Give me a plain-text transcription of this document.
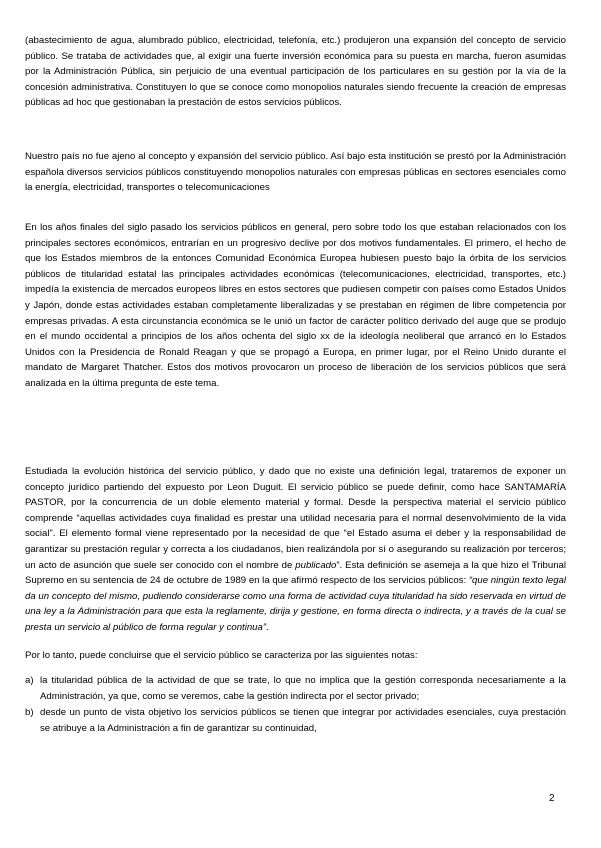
(abastecimiento de agua, alumbrado público, electricidad, telefonía, etc.) produjeron una expansión del concepto de servicio público. Se trataba de actividades que, al exigir una fuerte inversión económica para su puesta en marcha, fueron asumidas por la Administración Pública, sin perjuicio de una eventual participación de los particulares en su gestión por la vía de la concesión administrativa. Constituyen lo que se conoce como monopolios naturales siendo frecuente la creación de empresas públicas ad hoc que gestionaban la prestación de estos servicios públicos.

Nuestro país no fue ajeno al concepto y expansión del servicio público. Así bajo esta institución se prestó por la Administración española diversos servicios públicos constituyendo monopolios naturales con empresas públicas en sectores esenciales como la energía, electricidad, transportes o telecomunicaciones

En los años finales del siglo pasado los servicios públicos en general, pero sobre todo los que estaban relacionados con los principales sectores económicos, entrarían en un progresivo declive por dos motivos fundamentales. El primero, el hecho de que los Estados miembros de la entonces Comunidad Económica Europea hubiesen puesto bajo la órbita de los servicios públicos de titularidad estatal las principales actividades económicas (telecomunicaciones, electricidad, transportes, etc.) impedía la existencia de mercados europeos libres en estos sectores que pudiesen competir con países como Estados Unidos y Japón, donde estas actividades estaban completamente liberalizadas y se prestaban en régimen de libre competencia por empresas privadas. A esta circunstancia económica se le unió un factor de carácter político derivado del auge que se produjo en el mundo occidental a principios de los años ochenta del siglo xx de la ideología neoliberal que arrancó en lo Estados Unidos con la Presidencia de Ronald Reagan y que se propagó a Europa, en primer lugar, por el Reino Unido durante el mandato de Margaret Thatcher. Estos dos motivos provocaron un proceso de liberación de los servicios públicos que será analizada en la última pregunta de este tema.

Estudiada la evolución histórica del servicio público, y dado que no existe una definición legal, trataremos de exponer un concepto jurídico partiendo del expuesto por Leon Duguit. El servicio público se puede definir, como hace SANTAMARÍA PASTOR, por la concurrencia de un doble elemento material y formal. Desde la perspectiva material el servicio público comprende “aquellas actividades cuya finalidad es prestar una utilidad necesaria para el normal desenvolvimiento de la vida social”. El elemento formal viene representado por la necesidad de que “el Estado asuma el deber y la responsabilidad de garantizar su prestación regular y correcta a los ciudadanos, bien realizándola por sí o asegurando su realización por terceros; un acto de asunción que suele ser conocido con el nombre de publicado”. Esta definición se asemeja a la que hizo el Tribunal Supremo en su sentencia de 24 de octubre de 1989 en la que afirmó respecto de los servicios públicos: “que ningún texto legal da un concepto del mismo, pudiendo considerarse como una forma de actividad cuya titularidad ha sido reservada en virtud de una ley a la Administración para que esta la reglamente, dirija y gestione, en forma directa o indirecta, y a través de la cual se presta un servicio al público de forma regular y continua”.

Por lo tanto, puede concluirse que el servicio público se caracteriza por las siguientes notas:

a) la titularidad pública de la actividad de que se trate, lo que no implica que la gestión corresponda necesariamente a la Administración, ya que, como se veremos, cabe la gestión indirecta por el sector privado;
b) desde un punto de vista objetivo los servicios públicos se tienen que integrar por actividades esenciales, cuya prestación se atribuye a la Administración a fin de garantizar su continuidad,
2
